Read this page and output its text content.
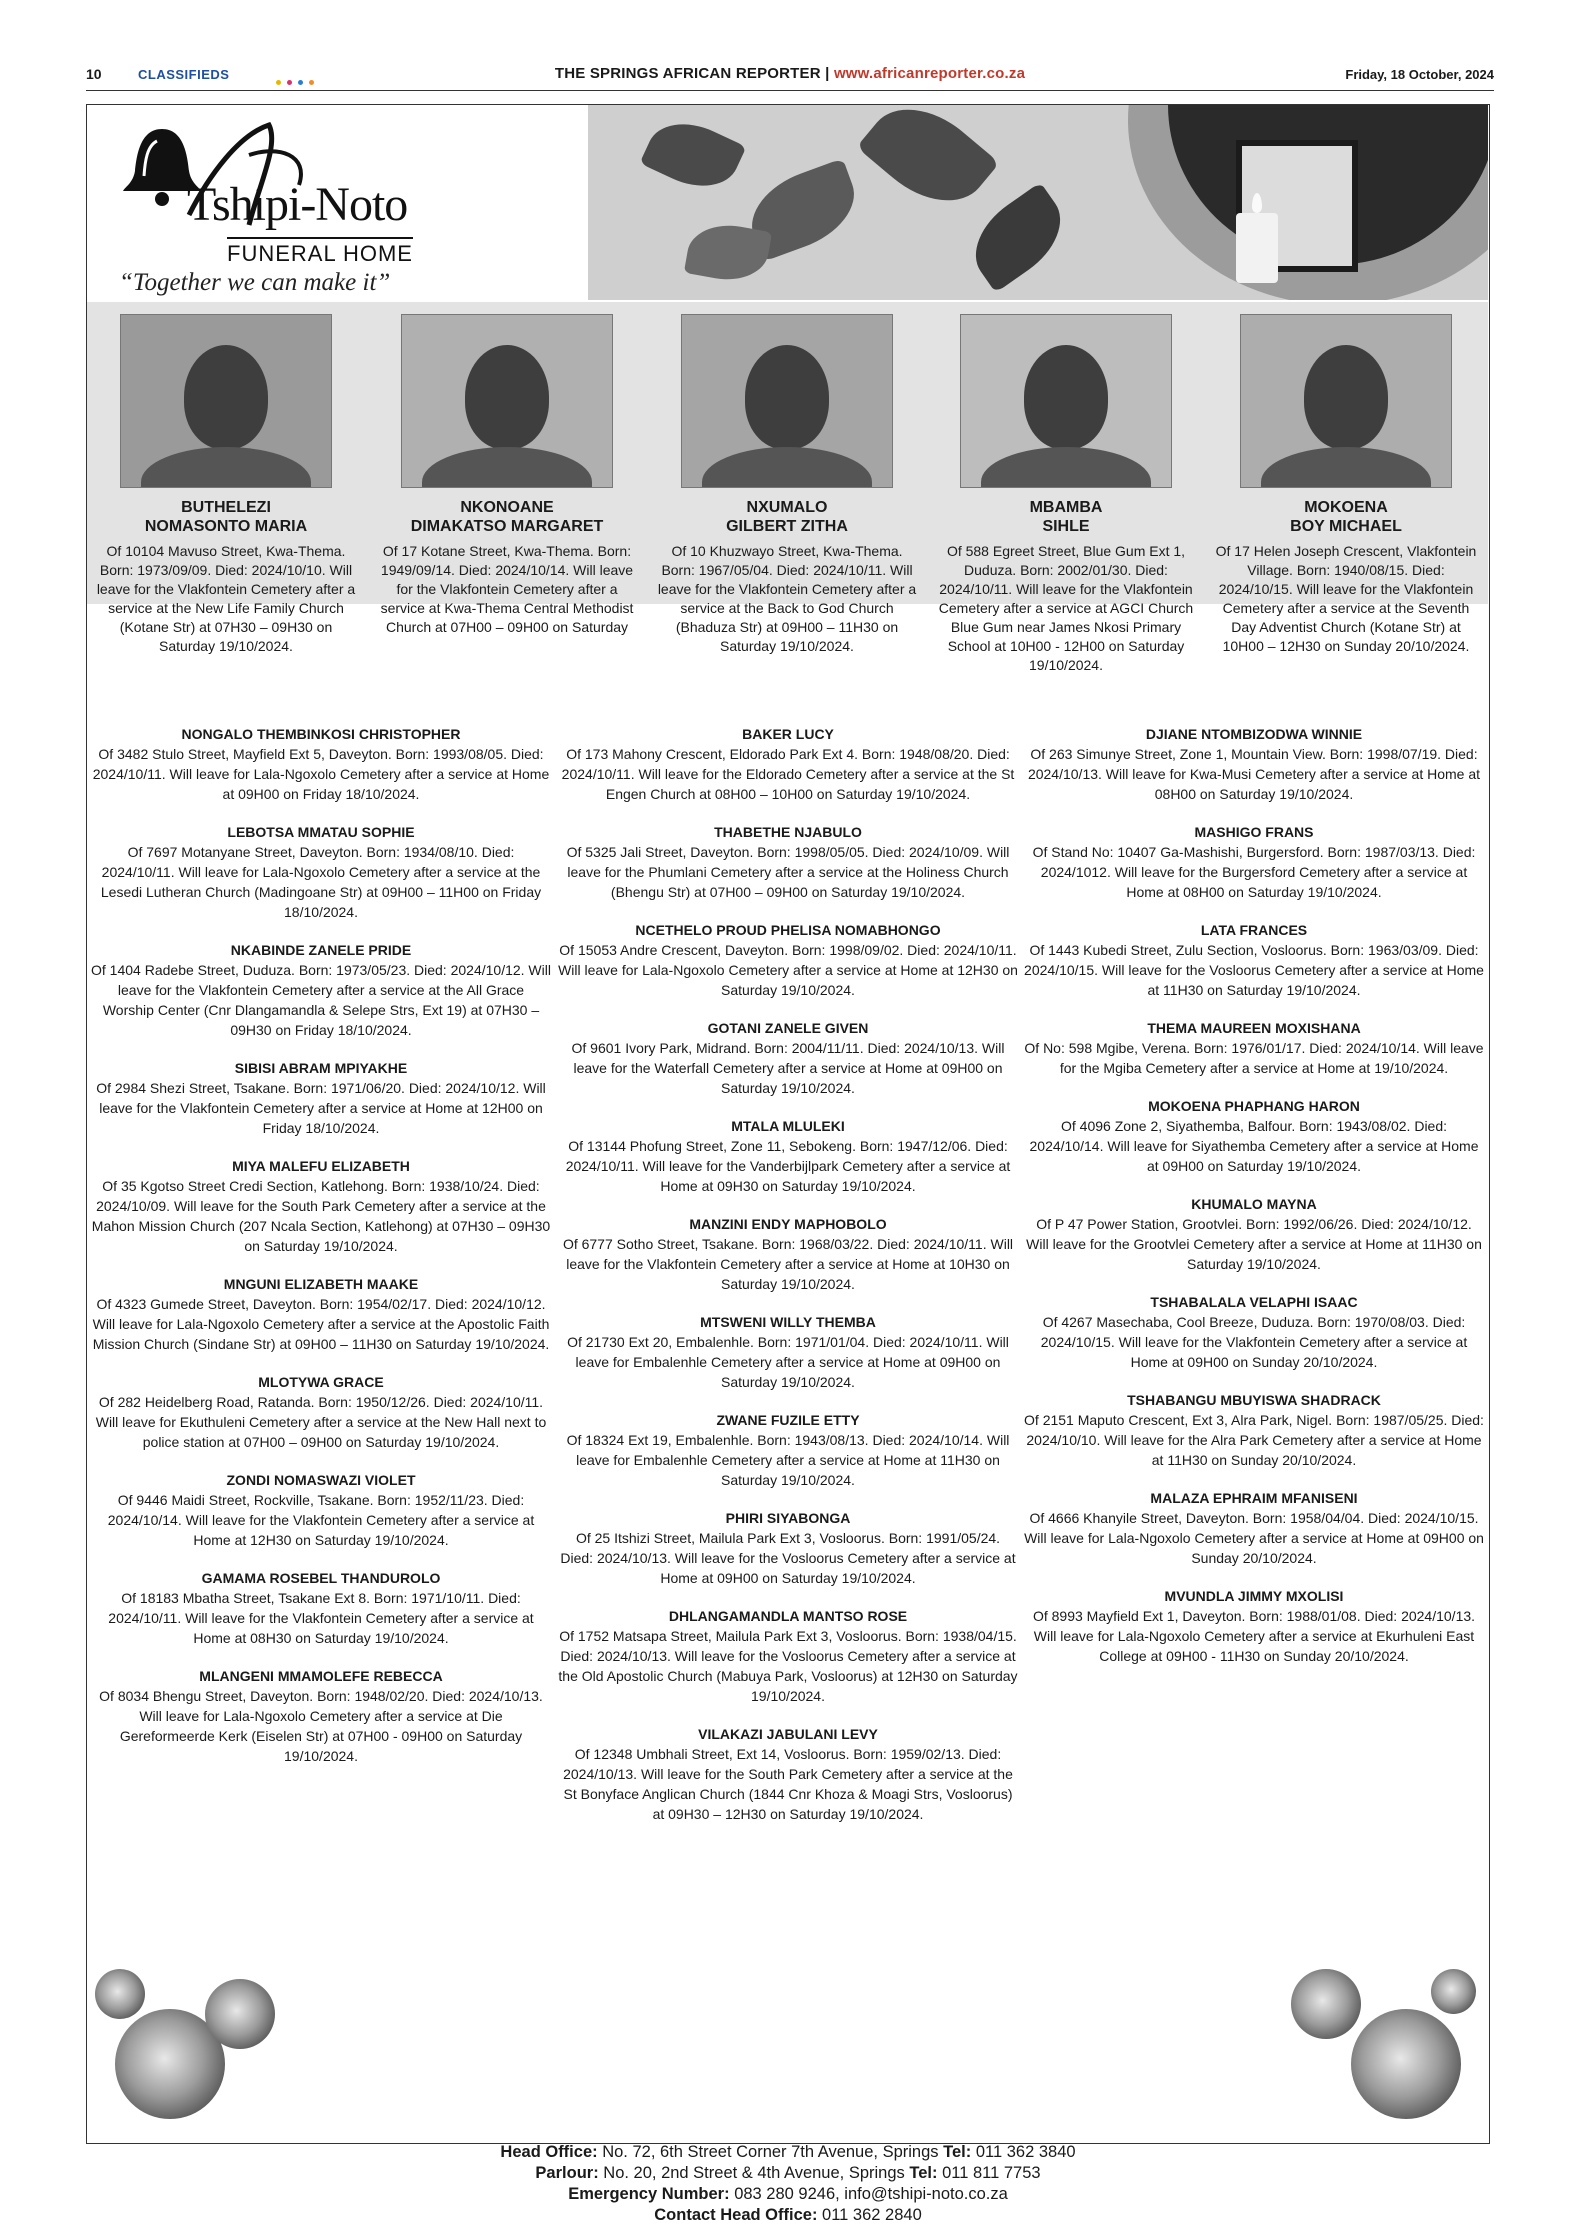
10	CLASSIFIEDS	THE SPRINGS AFRICAN REPORTER | www.africanreporter.co.za	Friday, 18 October, 2024
Tshipi-Noto
FUNERAL HOME
“Together we can make it”
BUTHELEZI
NOMASONTO MARIA
Of 10104 Mavuso Street, Kwa-Thema. Born: 1973/09/09. Died: 2024/10/10. Will leave for the Vlakfontein Cemetery after a service at the New Life Family Church (Kotane Str) at 07H30 – 09H30 on Saturday 19/10/2024.
NKONOANE
DIMAKATSO MARGARET
Of 17 Kotane Street, Kwa-Thema. Born: 1949/09/14. Died: 2024/10/14. Will leave for the Vlakfontein Cemetery after a service at Kwa-Thema Central Methodist Church at 07H00 – 09H00 on Saturday
NXUMALO
GILBERT ZITHA
Of 10 Khuzwayo Street, Kwa-Thema. Born: 1967/05/04. Died: 2024/10/11. Will leave for the Vlakfontein Cemetery after a service at the Back to God Church (Bhaduza Str) at 09H00 – 11H30 on Saturday 19/10/2024.
MBAMBA
SIHLE
Of 588 Egreet Street, Blue Gum Ext 1, Duduza. Born: 2002/01/30. Died: 2024/10/11. Will leave for the Vlakfontein Cemetery after a service at AGCI Church Blue Gum near James Nkosi Primary School at 10H00 - 12H00 on Saturday 19/10/2024.
MOKOENA
BOY MICHAEL
Of 17 Helen Joseph Crescent, Vlakfontein Village. Born: 1940/08/15. Died: 2024/10/15. Will leave for the Vlakfontein Cemetery after a service at the Seventh Day Adventist Church (Kotane Str) at 10H00 – 12H30 on Sunday 20/10/2024.
NONGALO THEMBINKOSI CHRISTOPHER
Of 3482 Stulo Street, Mayfield Ext 5, Daveyton. Born: 1993/08/05. Died: 2024/10/11. Will leave for Lala-Ngoxolo Cemetery after a service at Home at 09H00 on Friday 18/10/2024.
LEBOTSA MMATAU SOPHIE
Of 7697 Motanyane Street, Daveyton. Born: 1934/08/10. Died: 2024/10/11. Will leave for Lala-Ngoxolo Cemetery after a service at the Lesedi Lutheran Church (Madingoane Str) at 09H00 – 11H00 on Friday 18/10/2024.
NKABINDE ZANELE PRIDE
Of 1404 Radebe Street, Duduza. Born: 1973/05/23. Died: 2024/10/12. Will leave for the Vlakfontein Cemetery after a service at the All Grace Worship Center (Cnr Dlangamandla & Selepe Strs, Ext 19) at 07H30 – 09H30 on Friday 18/10/2024.
SIBISI ABRAM MPIYAKHE
Of 2984 Shezi Street, Tsakane. Born: 1971/06/20. Died: 2024/10/12. Will leave for the Vlakfontein Cemetery after a service at Home at 12H00 on Friday 18/10/2024.
MIYA MALEFU ELIZABETH
Of 35 Kgotso Street Credi Section, Katlehong. Born: 1938/10/24. Died: 2024/10/09. Will leave for the South Park Cemetery after a service at the Mahon Mission Church (207 Ncala Section, Katlehong) at 07H30 – 09H30 on Saturday 19/10/2024.
MNGUNI ELIZABETH MAAKE
Of 4323 Gumede Street, Daveyton. Born: 1954/02/17. Died: 2024/10/12. Will leave for Lala-Ngoxolo Cemetery after a service at the Apostolic Faith Mission Church (Sindane Str) at 09H00 – 11H30 on Saturday 19/10/2024.
MLOTYWA GRACE
Of 282 Heidelberg Road, Ratanda. Born: 1950/12/26. Died: 2024/10/11. Will leave for Ekuthuleni Cemetery after a service at the New Hall next to police station at 07H00 – 09H00 on Saturday 19/10/2024.
ZONDI NOMASWAZI VIOLET
Of 9446 Maidi Street, Rockville, Tsakane. Born: 1952/11/23. Died: 2024/10/14. Will leave for the Vlakfontein Cemetery after a service at Home at 12H30 on Saturday 19/10/2024.
GAMAMA ROSEBEL THANDUROLO
Of 18183 Mbatha Street, Tsakane Ext 8. Born: 1971/10/11. Died: 2024/10/11. Will leave for the Vlakfontein Cemetery after a service at Home at 08H30 on Saturday 19/10/2024.
MLANGENI MMAMOLEFE REBECCA
Of 8034 Bhengu Street, Daveyton. Born: 1948/02/20. Died: 2024/10/13. Will leave for Lala-Ngoxolo Cemetery after a service at Die Gereformeerde Kerk (Eiselen Str) at 07H00 - 09H00 on Saturday 19/10/2024.
BAKER LUCY
Of 173 Mahony Crescent, Eldorado Park Ext 4. Born: 1948/08/20. Died: 2024/10/11. Will leave for the Eldorado Cemetery after a service at the St Engen Church at 08H00 – 10H00 on Saturday 19/10/2024.
THABETHE NJABULO
Of 5325 Jali Street, Daveyton. Born: 1998/05/05. Died: 2024/10/09. Will leave for the Phumlani Cemetery after a service at the Holiness Church (Bhengu Str) at 07H00 – 09H00 on Saturday 19/10/2024.
NCETHELO PROUD PHELISA NOMABHONGO
Of 15053 Andre Crescent, Daveyton. Born: 1998/09/02. Died: 2024/10/11. Will leave for Lala-Ngoxolo Cemetery after a service at Home at 12H30 on Saturday 19/10/2024.
GOTANI ZANELE GIVEN
Of 9601 Ivory Park, Midrand. Born: 2004/11/11. Died: 2024/10/13. Will leave for the Waterfall Cemetery after a service at Home at 09H00 on Saturday 19/10/2024.
MTALA MLULEKI
Of 13144 Phofung Street, Zone 11, Sebokeng. Born: 1947/12/06. Died: 2024/10/11. Will leave for the Vanderbijlpark Cemetery after a service at Home at 09H30 on Saturday 19/10/2024.
MANZINI ENDY MAPHOBOLO
Of 6777 Sotho Street, Tsakane. Born: 1968/03/22. Died: 2024/10/11. Will leave for the Vlakfontein Cemetery after a service at Home at 10H30 on Saturday 19/10/2024.
MTSWENI WILLY THEMBA
Of 21730 Ext 20, Embalenhle. Born: 1971/01/04. Died: 2024/10/11. Will leave for Embalenhle Cemetery after a service at Home at 09H00 on Saturday 19/10/2024.
ZWANE FUZILE ETTY
Of 18324 Ext 19, Embalenhle. Born: 1943/08/13. Died: 2024/10/14. Will leave for Embalenhle Cemetery after a service at Home at 11H30 on Saturday 19/10/2024.
PHIRI SIYABONGA
Of 25 Itshizi Street, Mailula Park Ext 3, Vosloorus. Born: 1991/05/24. Died: 2024/10/13. Will leave for the Vosloorus Cemetery after a service at Home at 09H00 on Saturday 19/10/2024.
DHLANGAMANDLA MANTSO ROSE
Of 1752 Matsapa Street, Mailula Park Ext 3, Vosloorus. Born: 1938/04/15. Died: 2024/10/13. Will leave for the Vosloorus Cemetery after a service at the Old Apostolic Church (Mabuya Park, Vosloorus) at 12H30 on Saturday 19/10/2024.
VILAKAZI JABULANI LEVY
Of 12348 Umbhali Street, Ext 14, Vosloorus. Born: 1959/02/13. Died: 2024/10/13. Will leave for the South Park Cemetery after a service at the St Bonyface Anglican Church (1844 Cnr Khoza & Moagi Strs, Vosloorus) at 09H30 – 12H30 on Saturday 19/10/2024.
DJIANE NTOMBIZODWA WINNIE
Of 263 Simunye Street, Zone 1, Mountain View. Born: 1998/07/19. Died: 2024/10/13. Will leave for Kwa-Musi Cemetery after a service at Home at 08H00 on Saturday 19/10/2024.
MASHIGO FRANS
Of Stand No: 10407 Ga-Mashishi, Burgersford. Born: 1987/03/13. Died: 2024/1012. Will leave for the Burgersford Cemetery after a service at Home at 08H00 on Saturday 19/10/2024.
LATA FRANCES
Of 1443 Kubedi Street, Zulu Section, Vosloorus. Born: 1963/03/09. Died: 2024/10/15. Will leave for the Vosloorus Cemetery after a service at Home at 11H30 on Saturday 19/10/2024.
THEMA MAUREEN MOXISHANA
Of No: 598 Mgibe, Verena. Born: 1976/01/17. Died: 2024/10/14. Will leave for the Mgiba Cemetery after a service at Home at 19/10/2024.
MOKOENA PHAPHANG HARON
Of 4096 Zone 2, Siyathemba, Balfour. Born: 1943/08/02. Died: 2024/10/14. Will leave for Siyathemba Cemetery after a service at Home at 09H00 on Saturday 19/10/2024.
KHUMALO MAYNA
Of P 47 Power Station, Grootvlei. Born: 1992/06/26. Died: 2024/10/12. Will leave for the Grootvlei Cemetery after a service at Home at 11H30 on Saturday 19/10/2024.
TSHABALALA VELAPHI ISAAC
Of 4267 Masechaba, Cool Breeze, Duduza. Born: 1970/08/03. Died: 2024/10/15. Will leave for the Vlakfontein Cemetery after a service at Home at 09H00 on Sunday 20/10/2024.
TSHABANGU MBUYISWA SHADRACK
Of 2151 Maputo Crescent, Ext 3, Alra Park, Nigel. Born: 1987/05/25. Died: 2024/10/10. Will leave for the Alra Park Cemetery after a service at Home at 11H30 on Sunday 20/10/2024.
MALAZA EPHRAIM MFANISENI
Of 4666 Khanyile Street, Daveyton. Born: 1958/04/04. Died: 2024/10/15. Will leave for Lala-Ngoxolo Cemetery after a service at Home at 09H00 on Sunday 20/10/2024.
MVUNDLA JIMMY MXOLISI
Of 8993 Mayfield Ext 1, Daveyton. Born: 1988/01/08. Died: 2024/10/13. Will leave for Lala-Ngoxolo Cemetery after a service at Ekurhuleni East College at 09H00 - 11H30 on Sunday 20/10/2024.
Head Office: No. 72, 6th Street Corner 7th Avenue, Springs Tel: 011 362 3840
Parlour: No. 20, 2nd Street & 4th Avenue, Springs Tel: 011 811 7753
Emergency Number: 083 280 9246, info@tshipi-noto.co.za
Contact Head Office: 011 362 2840
